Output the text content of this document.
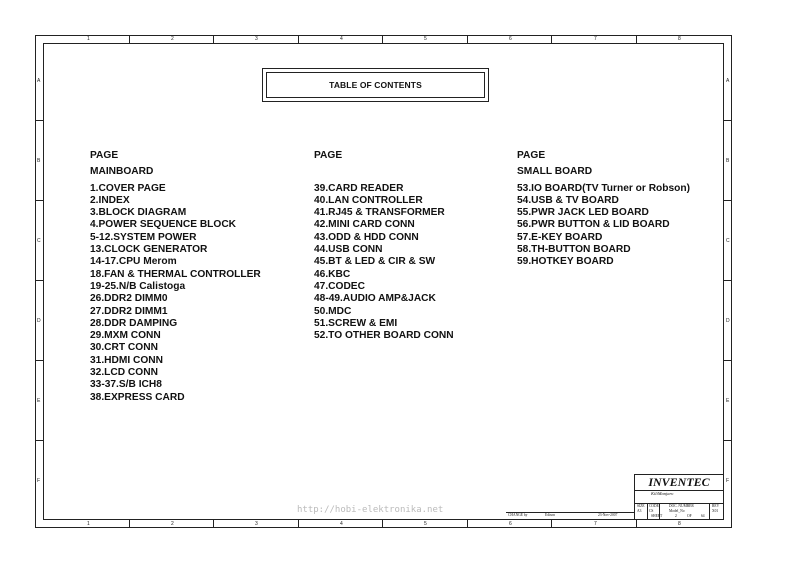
1	2	3	4	5	6	7	8
1	2	3	4	5	6	7	8
A
B
C
D
E
F
A
B
C
D
E
F
TABLE OF CONTENTS
PAGE
MAINBOARD
1.COVER PAGE
2.INDEX
3.BLOCK DIAGRAM
4.POWER SEQUENCE BLOCK
5-12.SYSTEM POWER
13.CLOCK GENERATOR
14-17.CPU Merom
18.FAN & THERMAL CONTROLLER
19-25.N/B Calistoga
26.DDR2 DIMM0
27.DDR2 DIMM1
28.DDR DAMPING
29.MXM CONN
30.CRT CONN
31.HDMI CONN
32.LCD CONN
33-37.S/B ICH8
38.EXPRESS CARD
PAGE

39.CARD READER
40.LAN CONTROLLER
41.RJ45 & TRANSFORMER
42.MINI CARD CONN
43.ODD & HDD CONN
44.USB CONN
45.BT & LED & CIR & SW
46.KBC
47.CODEC
48-49.AUDIO AMP&JACK
50.MDC
51.SCREW & EMI
52.TO OTHER BOARD CONN
PAGE
SMALL BOARD
53.IO BOARD(TV Turner or Robson)
54.USB & TV BOARD
55.PWR JACK LED BOARD
56.PWR BUTTON & LID BOARD
57.E-KEY BOARD
58.TH-BUTTON BOARD
59.HOTKEY BOARD
http://hobi-elektronika.net	CHANGE by	Edison	23-Nov-2007
INVENTEC
KiliManjaro
SIZE
A3
CODE
CS
DOC. NUMBER
Model_No
REV
X01
SHEET	2	OF	64
